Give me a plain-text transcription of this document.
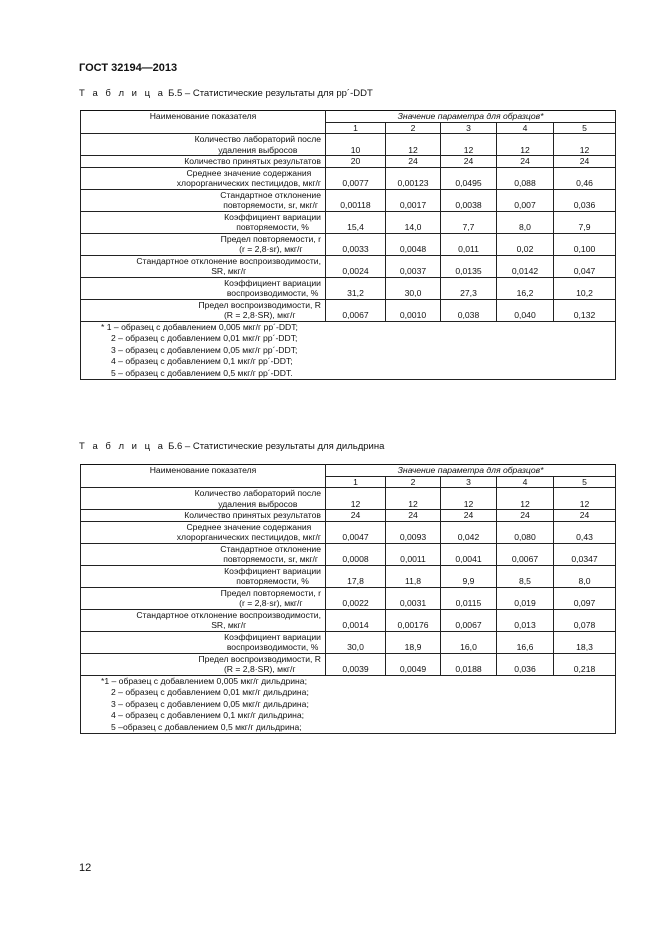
ГОСТ 32194—2013
Т а б л и ц а Б.5 – Статистические результаты для pp´-DDT
Наименование показателя	Значение параметра для образцов*				
	1	2	3	4	5

Количество лабораторий после
удаления выбросов	10	12	12	12	12

Количество принятых результатов	20	24	24	24	24

Среднее значение содержания
хлорорганических пестицидов, мкг/г	0,0077	0,00123	0,0495	0,088	0,46

Стандартное отклонение
повторяемости, sr, мкг/г	0,00118	0,0017	0,0038	0,007	0,036

Коэффициент вариации
повторяемости, %	15,4	14,0	7,7	8,0	7,9

Предел повторяемости, r
(r = 2,8·sr), мкг/г	0,0033	0,0048	0,011	0,02	0,100

Стандартное отклонение воспроизводимости,
SR, мкг/г	0,0024	0,0037	0,0135	0,0142	0,047

Коэффициент вариации
воспроизводимости, %	31,2	30,0	27,3	16,2	10,2

Предел воспроизводимости, R
(R = 2,8·SR), мкг/г	0,0067	0,0010	0,038	0,040	0,132

* 1 – образец с добавлением 0,005 мкг/г pp´-DDT;
2 – образец с добавлением 0,01 мкг/г pp´-DDT;
3 – образец с добавлением 0,05 мкг/г pp´-DDT;
4 – образец с добавлением 0,1 мкг/г pp´-DDT;
5 – образец с добавлением 0,5 мкг/г pp´-DDT.					
Т а б л и ц а Б.6 – Статистические результаты для дильдрина
Наименование показателя	Значение параметра для образцов*				
	1	2	3	4	5

Количество лабораторий после
удаления выбросов	12	12	12	12	12

Количество принятых результатов	24	24	24	24	24

Среднее значение содержания
хлорорганических пестицидов, мкг/г	0,0047	0,0093	0,042	0,080	0,43

Стандартное отклонение
повторяемости, sr, мкг/г	0,0008	0,0011	0,0041	0,0067	0,0347

Коэффициент вариации
повторяемости, %	17,8	11,8	9,9	8,5	8,0

Предел повторяемости, r
(r = 2,8·sr), мкг/г	0,0022	0,0031	0,0115	0,019	0,097

Стандартное отклонение воспроизводимости,
SR, мкг/г	0,0014	0,00176	0,0067	0,013	0,078

Коэффициент вариации
воспроизводимости, %	30,0	18,9	16,0	16,6	18,3

Предел воспроизводимости, R
(R = 2,8·SR), мкг/г	0,0039	0,0049	0,0188	0,036	0,218

*1 – образец с добавлением 0,005 мкг/г дильдрина;
2 – образец с добавлением 0,01 мкг/г дильдрина;
3 – образец с добавлением 0,05 мкг/г дильдрина;
4 – образец с добавлением 0,1 мкг/г дильдрина;
5 –образец с добавлением 0,5 мкг/г дильдрина;					
12
